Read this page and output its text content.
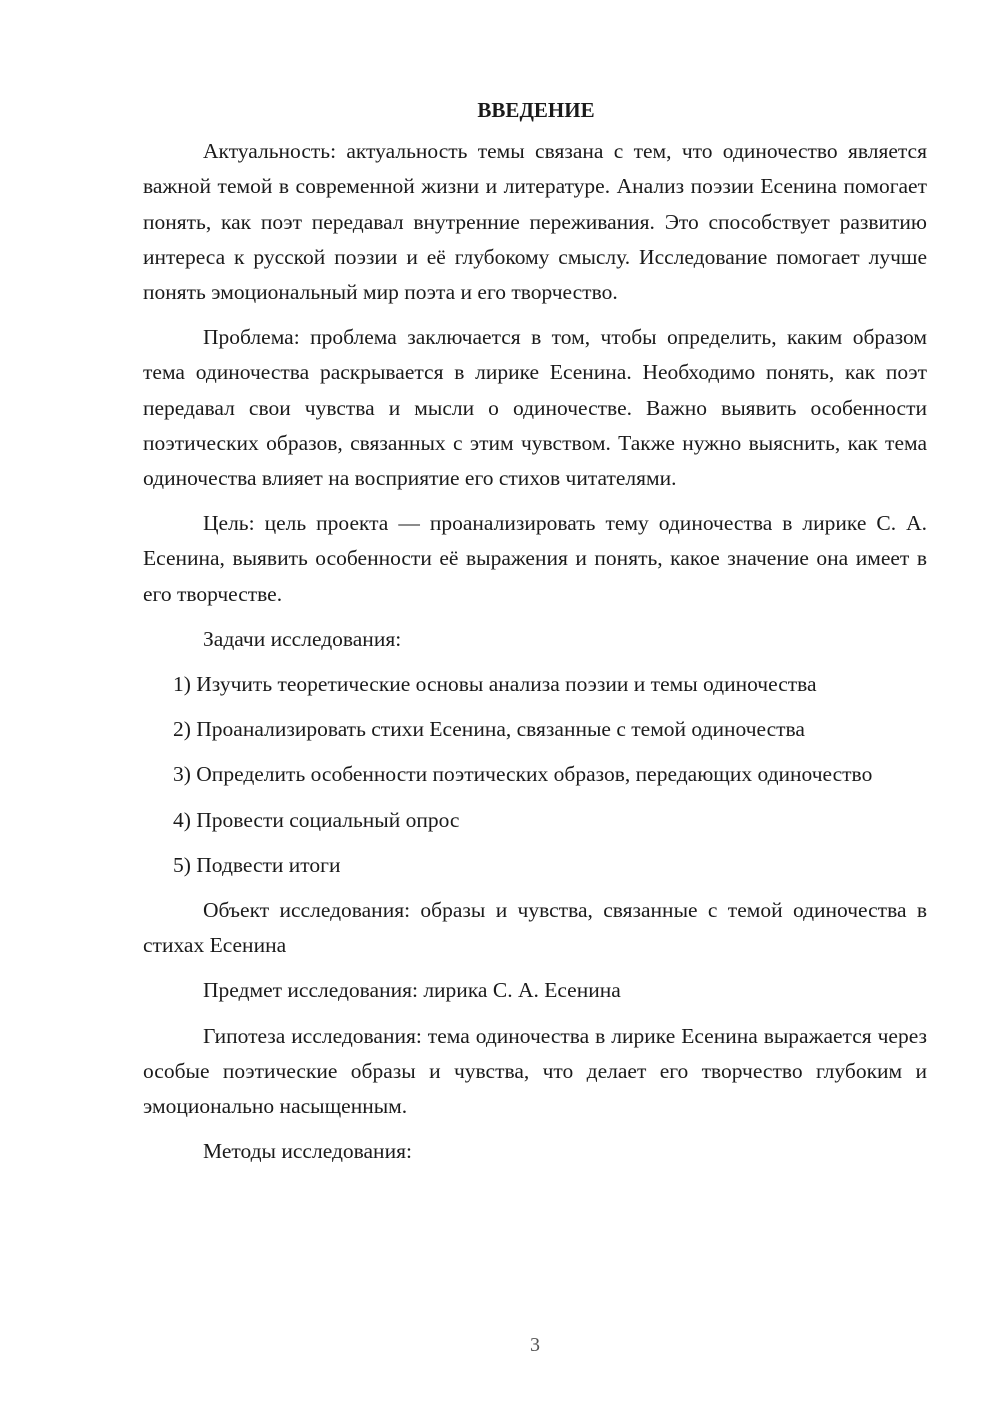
ВВЕДЕНИЕ

Актуальность: актуальность темы связана с тем, что одиночество является важной темой в современной жизни и литературе. Анализ поэзии Есенина помогает понять, как поэт передавал внутренние переживания. Это способствует развитию интереса к русской поэзии и её глубокому смыслу. Исследование помогает лучше понять эмоциональный мир поэта и его творчество.

Проблема: проблема заключается в том, чтобы определить, каким образом тема одиночества раскрывается в лирике Есенина. Необходимо понять, как поэт передавал свои чувства и мысли о одиночестве. Важно выявить особенности поэтических образов, связанных с этим чувством. Также нужно выяснить, как тема одиночества влияет на восприятие его стихов читателями.

Цель: цель проекта — проанализировать тему одиночества в лирике С. А. Есенина, выявить особенности её выражения и понять, какое значение она имеет в его творчестве.

Задачи исследования:

1) Изучить теоретические основы анализа поэзии и темы одиночества

2) Проанализировать стихи Есенина, связанные с темой одиночества

3) Определить особенности поэтических образов, передающих одиночество

4) Провести социальный опрос

5) Подвести итоги

Объект исследования: образы и чувства, связанные с темой одиночества в стихах Есенина

Предмет исследования: лирика С. А. Есенина

Гипотеза исследования: тема одиночества в лирике Есенина выражается через особые поэтические образы и чувства, что делает его творчество глубоким и эмоционально насыщенным.

Методы исследования:

3
